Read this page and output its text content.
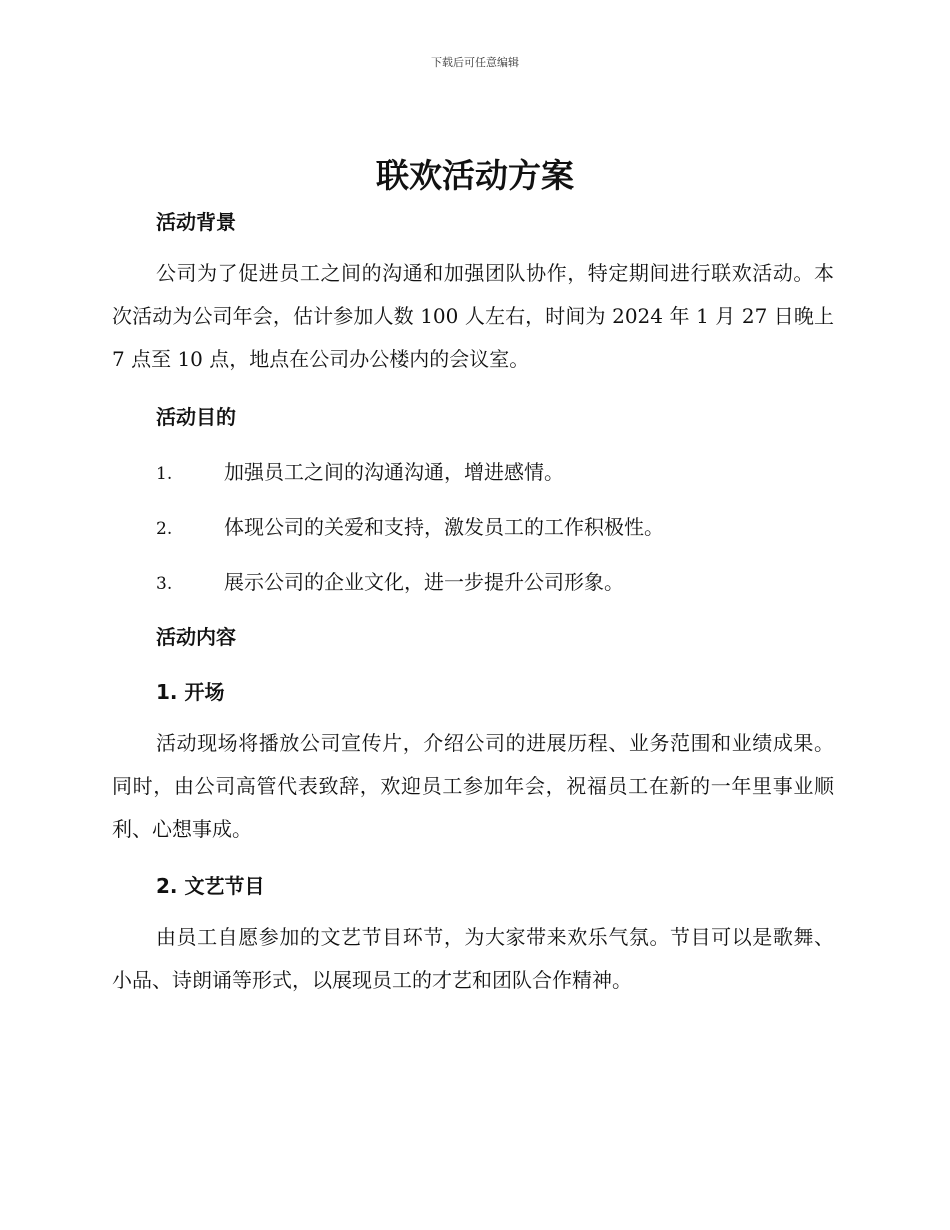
下载后可任意编辑
联欢活动方案
活动背景

公司为了促进员工之间的沟通和加强团队协作，特定期间进行联欢活动。本次活动为公司年会，估计参加人数 100 人左右，时间为 2024 年 1 月 27 日晚上 7 点至 10 点，地点在公司办公楼内的会议室。

活动目的
1.	加强员工之间的沟通沟通，增进感情。
2.	体现公司的关爱和支持，激发员工的工作积极性。
3.	展示公司的企业文化，进一步提升公司形象。
活动内容
1. 开场

活动现场将播放公司宣传片，介绍公司的进展历程、业务范围和业绩成果。同时，由公司高管代表致辞，欢迎员工参加年会，祝福员工在新的一年里事业顺利、心想事成。

2. 文艺节目

由员工自愿参加的文艺节目环节，为大家带来欢乐气氛。节目可以是歌舞、小品、诗朗诵等形式，以展现员工的才艺和团队合作精神。
